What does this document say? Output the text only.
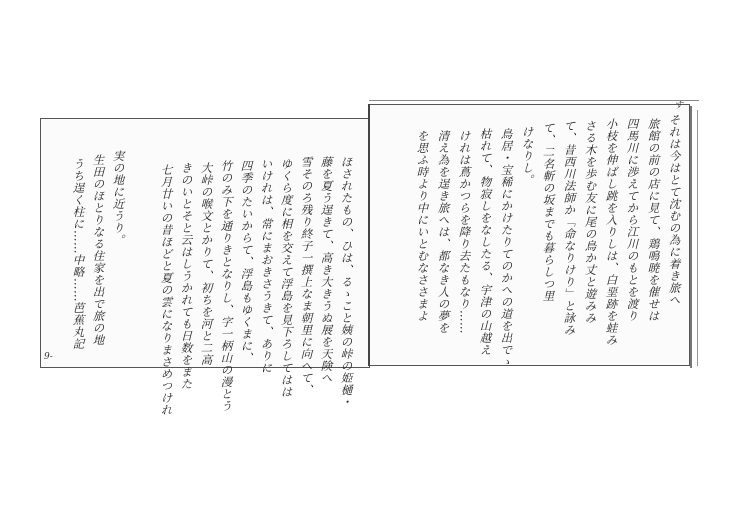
それは今はとて沈むの為に着き旅へ
旅館の前の店に見て、鶏鳴暁を催せは
四馬川に渉えてから江川のもとを渡り
小枝を伸ばし跳を入りしは、白堊跡を蛙み
さる木を歩む友に尾の鳥か丈と遊みみ
て、昔西川法師か「命なりけり」と詠み
て、二名斬の坂までも暮らしつ里
けなりし。
鳥居・宝稀にかけたりてのかへの道を出でゝ
枯れて、物寂しをなしたる、宇津の山越え
けれは蔦かつらを降り去たもなり……
清え為を逞き旅へは、都なき人の夢を
を思ふ時より中にいとむなささまよ
す
ほされたもの、ひは、るゝこと姨の峠の姫樋・
藤を夏う逞きて、高き大きうぬ展を天険へ
雪そのろ残り終子一撰上なま朝里に向へて、
ゆくら度に相を交えて浮島を見下ろしてはは
いけれは、常にまおきさうきて、ありに
四季のたいからて、浮島もゆくまに、
竹のみ下を通りきとなりし、字一柄山の漫とう
大峠の喉文とかりて、初ちを河と二高
きのいとそと云はしうかれても日数をまた
七月廿いの昔ほどと夏の雲になりまさめつけれ
実の地に近うり。
生田のほとりなる住家を出で旅の地
うち逞く柱に……中略……芭蕉丸記
9-
